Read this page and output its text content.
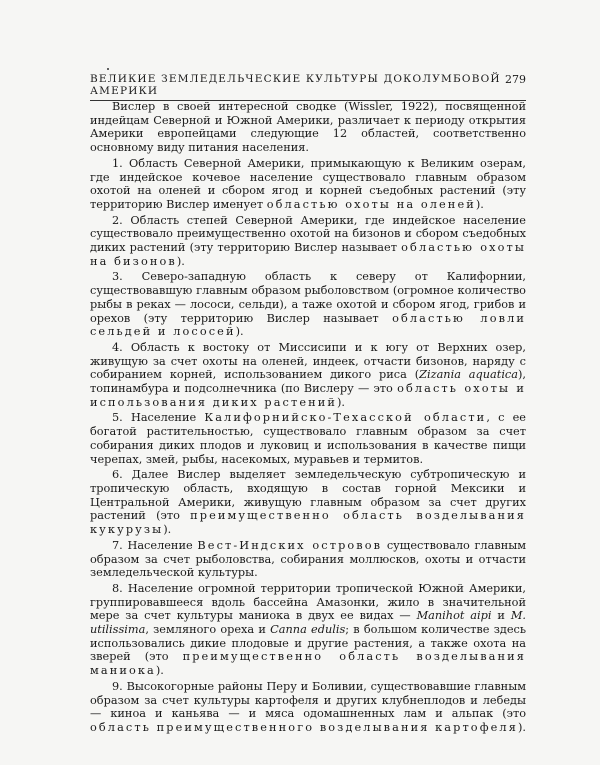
ВЕЛИКИЕ ЗЕМЛЕДЕЛЬЧЕСКИЕ КУЛЬТУРЫ ДОКОЛУМБОВОЙ АМЕРИКИ
279

Вислер в своей интересной сводке (Wissler, 1922), посвященной индейцам Северной и Южной Америки, различает к периоду открытия Америки европейцами следующие 12 областей, соответственно основному виду питания населения.

1. Область Северной Америки, примыкающую к Великим озерам, где индейское кочевое население существовало главным образом охотой на оленей и сбором ягод и корней съедобных растений (эту территорию Вислер именует областью охоты на оленей).

2. Область степей Северной Америки, где индейское население существовало преимущественно охотой на бизонов и сбором съедобных диких растений (эту территорию Вислер называет областью охоты на бизонов).

3. Северо-западную область к северу от Калифорнии, существовавшую главным образом рыболовством (огромное количество рыбы в реках — лососи, сельди), а таже охотой и сбором ягод, грибов и орехов (эту территорию Вислер называет областью ловли сельдей и лососей).

4. Область к востоку от Миссисипи и к югу от Верхних озер, живущую за счет охоты на оленей, индеек, отчасти бизонов, наряду с собиранием корней, использованием дикого риса (Zizania aquatica), топинамбура и подсолнечника (по Вислеру — это область охоты и использования диких растений).

5. Население Калифорнийско-Техасской области, с ее богатой растительностью, существовало главным образом за счет собирания диких плодов и луковиц и использования в качестве пищи черепах, змей, рыбы, насекомых, муравьев и термитов.

6. Далее Вислер выделяет земледельческую субтропическую и тропическую область, входящую в состав горной Мексики и Центральной Америки, живущую главным образом за счет других растений (это преимущественно область возделывания кукурузы).

7. Население Вест-Индских островов существовало главным образом за счет рыболовства, собирания моллюсков, охоты и отчасти земледельческой культуры.

8. Население огромной территории тропической Южной Америки, группировавшееся вдоль бассейна Амазонки, жило в значительной мере за счет культуры маниока в двух ее видах — Manihot aipi и M. utilissima, земляного ореха и Canna edulis; в большом количестве здесь использовались дикие плодовые и другие растения, а также охота на зверей (это преимущественно область возделывания маниока).

9. Высокогорные районы Перу и Боливии, существовавшие главным образом за счет культуры картофеля и других клубнеплодов и лебеды — киноа и каньява — и мяса одомашненных лам и альпак (это область преимущественного возделывания картофеля).
